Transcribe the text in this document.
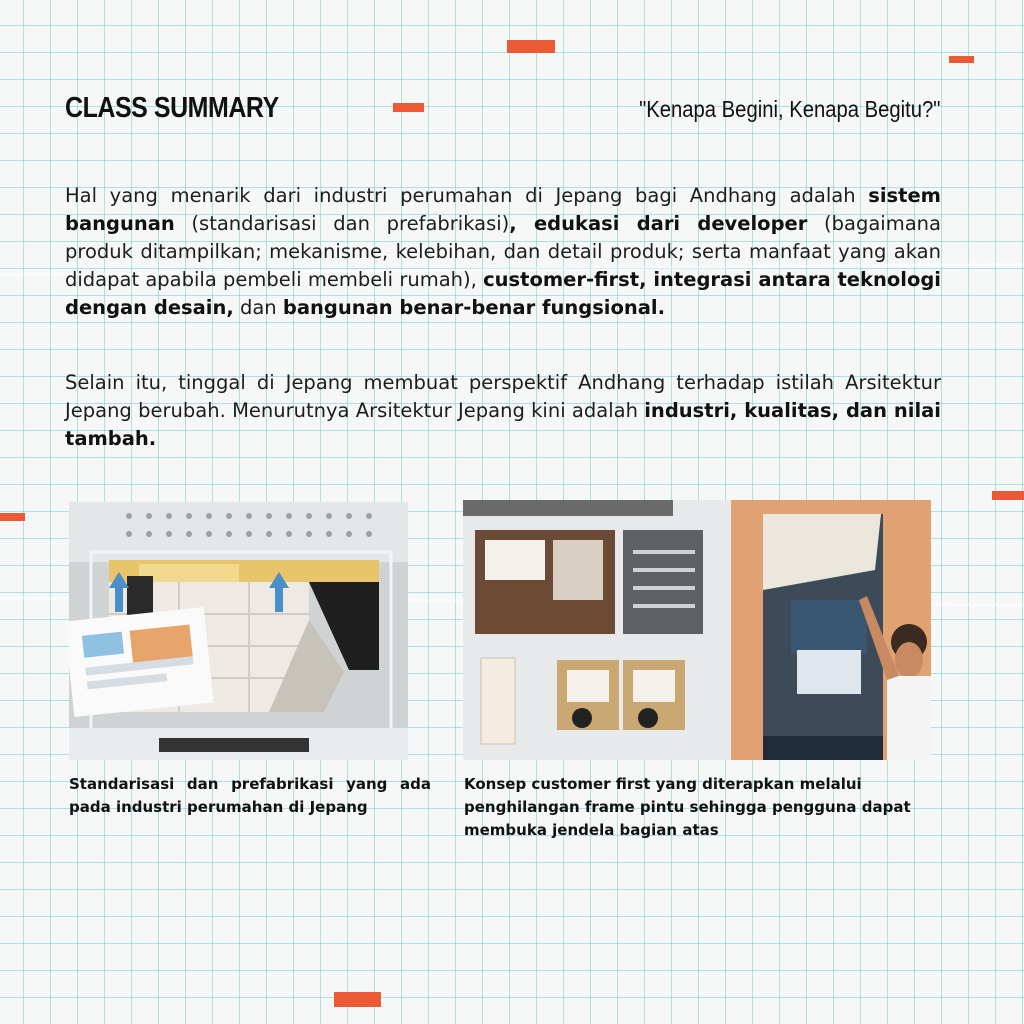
CLASS SUMMARY	"Kenapa Begini, Kenapa Begitu?"

Hal yang menarik dari industri perumahan di Jepang bagi Andhang adalah sistem bangunan (standarisasi dan prefabrikasi), edukasi dari developer (bagaimana produk ditampilkan; mekanisme, kelebihan, dan detail produk; serta manfaat yang akan didapat apabila pembeli membeli rumah), customer-first, integrasi antara teknologi dengan desain, dan bangunan benar-benar fungsional.

Selain itu, tinggal di Jepang membuat perspektif Andhang terhadap istilah Arsitektur Jepang berubah. Menurutnya Arsitektur Jepang kini adalah industri, kualitas, dan nilai tambah.

Standarisasi dan prefabrikasi yang ada pada industri perumahan di Jepang

Konsep customer first yang diterapkan melalui penghilangan frame pintu sehingga pengguna dapat membuka jendela bagian atas
